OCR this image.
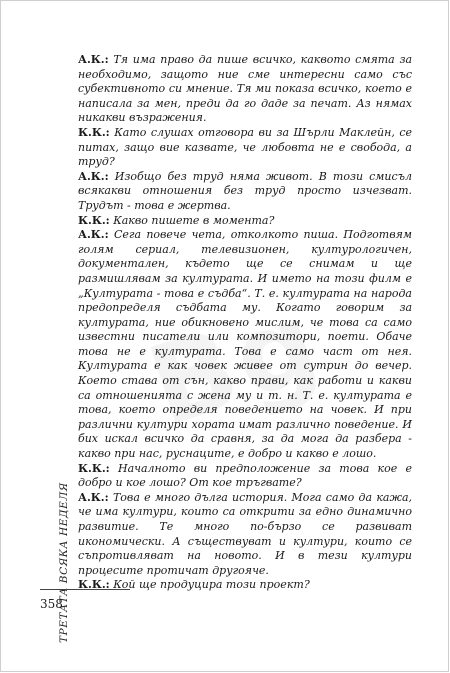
А.К.: Тя има право да пише всичко, каквото смята за необходимо, защото ние сме интересни само със субективното си мнение. Тя ми показа всичко, което е написала за мен, преди да го даде за печат. Аз нямах никакви възражения.

К.К.: Като слушах отговора ви за Шърли Маклейн, се питах, защо вие казвате, че любовта не е свобода, а труд?

А.К.: Изобщо без труд няма живот. В този смисъл всякакви отношения без труд просто изчезват. Трудът - това е жертва.

К.К.: Какво пишете в момента?

А.К.: Сега повече чета, отколкото пиша. Подготвям голям сериал, телевизионен, културологичен, документален, където ще се снимам и ще размишлявам за културата. И името на този филм е „Културата - това е съдба“. Т. е. културата на народа предопределя съдбата му. Когато говорим за културата, ние обикновено мислим, че това са само известни писатели или композитори, поети. Обаче това не е културата. Това е само част от нея. Културата е как човек живее от сутрин до вечер. Което става от сън, какво прави, как работи и какви са отношенията с жена му и т. н. Т. е. културата е това, което определя поведението на човек. И при различни култури хората имат различно поведение. И бих искал всичко да сравня, за да мога да разбера - какво при нас, руснаците, е добро и какво е лошо.

К.К.: Началното ви предположение за това кое е добро и кое лошо? От кое тръгвате?

А.К.: Това е много дълга история. Мога само да кажа, че има култури, които са открити за едно динамично развитие. Те много по-бързо се развиват икономически. А съществуват и култури, които се съпротивляват на новото. И в тези култури процесите протичат другояче.

К.К.: Кой ще продуцира този проект?

ТРЕТАТА ВСЯКА НЕДЕЛЯ
358
